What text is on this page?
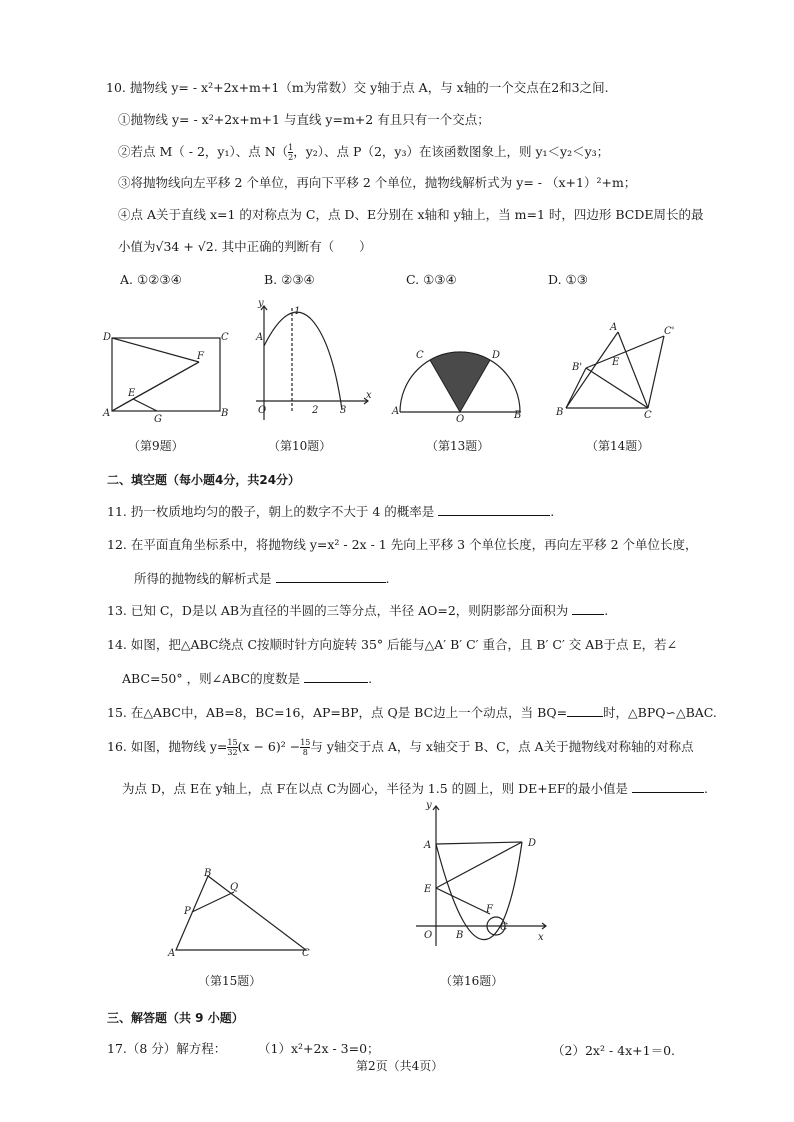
10. 抛物线 y= - x²+2x+m+1（m为常数）交 y轴于点 A，与 x轴的一个交点在2和3之间.
①抛物线 y= - x²+2x+m+1 与直线 y=m+2 有且只有一个交点；
②若点 M（ - 2，y₁）、点 $N( \frac{1}{2}$ ，y₂）、点 P（2，y₃）在该函数图象上，则 y₁＜y₂＜y₃；
③将抛物线向左平移 2 个单位，再向下平移 2 个单位，抛物线解析式为 y= - （x+1）²+m；
④点 A关于直线 x=1 的对称点为 C，点 D、E分别在 x轴和 y轴上，当 m=1 时，四边形 BCDE周长的最
小值为√34 + √2. 其中正确的判断有（　　）
A. ①②③④	B. ②③④	C. ①③④	D. ①③
D	C
F
E
A
G
B
（第9题）
y
x
O
A
1
2 3
（第10题）
C	D
A
O	B
（第13题）
A	C'
B'
B	C
E
（第14题）
二、填空题（每小题4分，共24分）
11. 扔一枚质地均匀的骰子，朝上的数字不大于 4 的概率是	.
12. 在平面直角坐标系中，将抛物线 y=x² - 2x - 1 先向上平移 3 个单位长度，再向左平移 2 个单位长度，
所得的抛物线的解析式是	.
13. 已知 C，D是以 AB为直径的半圆的三等分点，半径 AO=2，则阴影部分面积为	.
14. 如图，把△ABC绕点 C按顺时针方向旋转 35° 后能与△A′ B′ C′ 重合，且 B′ C′ 交 AB于点 E，若∠
ABC=50° ，则∠ABC的度数是	.
15. 在△ABC中，AB=8，BC=16，AP=BP，点 Q是 BC边上一个动点，当 BQ=	时，△BPQ∽△BAC.
16. 如图，抛物线 $y= \frac{15}{32} (x - 6)^2 - \frac{15}{8}$ 与 y轴交于点 A，与 x轴交于 B、C，点 A关于抛物线对称轴的对称点
为点 D，点 E在 y轴上，点 F在以点 C为圆心，半径为 1.5 的圆上，则 DE+EF的最小值是	.
B
Q
P
A	C
（第15题）
y
A	D
E
F
O B
C
x
（第16题）
三、解答题（共 9 小题）
17.（8 分）解方程：	（1）x²+2x - 3=0；	（2）2x² - 4x+1＝0.
第2页（共4页）
